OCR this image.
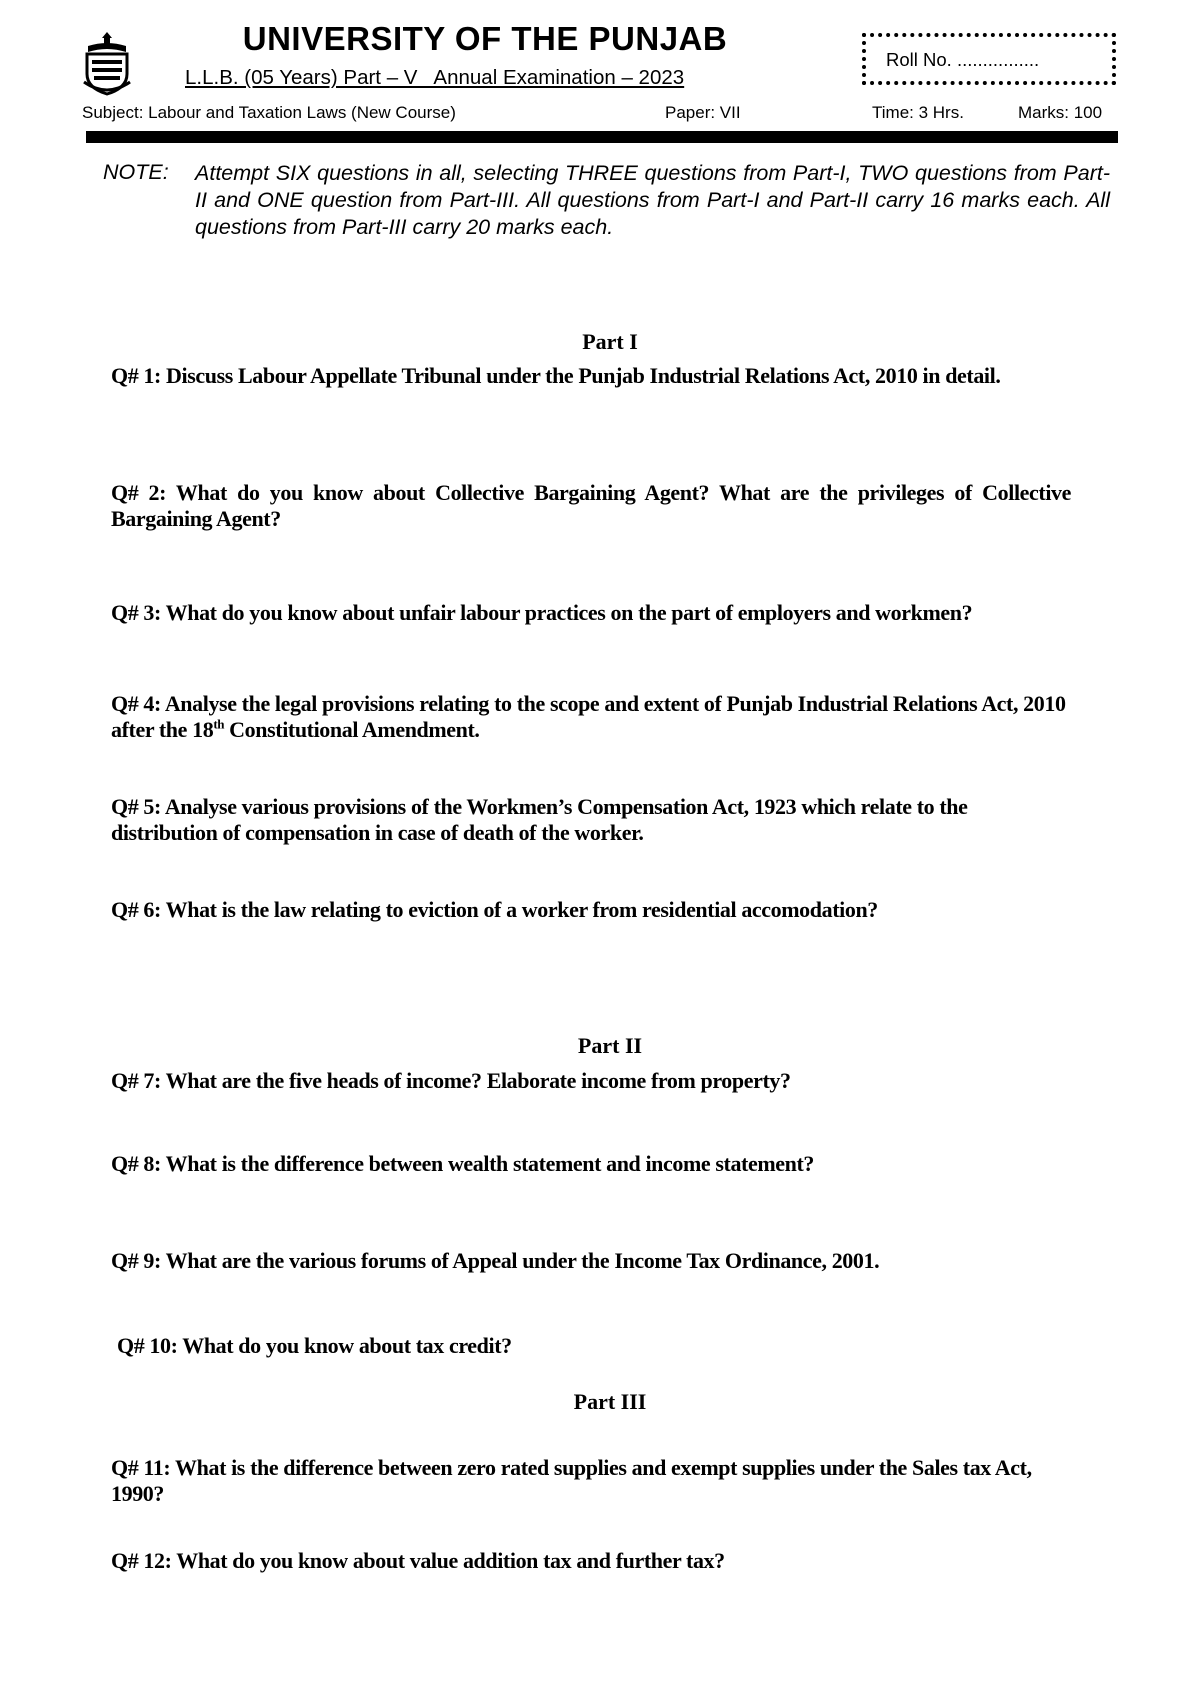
UNIVERSITY OF THE PUNJAB
L.L.B. (05 Years) Part – V   Annual Examination – 2023
Roll No. ................
Subject: Labour and Taxation Laws (New Course)	Paper: VII	Time: 3 Hrs.	Marks: 100
NOTE: Attempt SIX questions in all, selecting THREE questions from Part-I, TWO questions from Part-II and ONE question from Part-III. All questions from Part-I and Part-II carry 16 marks each. All questions from Part-III carry 20 marks each.
Part I
Q# 1: Discuss Labour Appellate Tribunal under the Punjab Industrial Relations Act, 2010 in detail.
Q# 2: What do you know about Collective Bargaining Agent? What are the privileges of Collective Bargaining Agent?
Q# 3: What do you know about unfair labour practices on the part of employers and workmen?
Q# 4: Analyse the legal provisions relating to the scope and extent of Punjab Industrial Relations Act, 2010 after the 18th Constitutional Amendment.
Q# 5: Analyse various provisions of the Workmen’s Compensation Act, 1923 which relate to the distribution of compensation in case of death of the worker.
Q# 6: What is the law relating to eviction of a worker from residential accomodation?
Part II
Q# 7: What are the five heads of income? Elaborate income from property?
Q# 8: What is the difference between wealth statement and income statement?
Q# 9: What are the various forums of Appeal under the Income Tax Ordinance, 2001.
Q# 10: What do you know about tax credit?
Part III
Q# 11: What is the difference between zero rated supplies and exempt supplies under the Sales tax Act, 1990?
Q# 12: What do you know about value addition tax and further tax?
